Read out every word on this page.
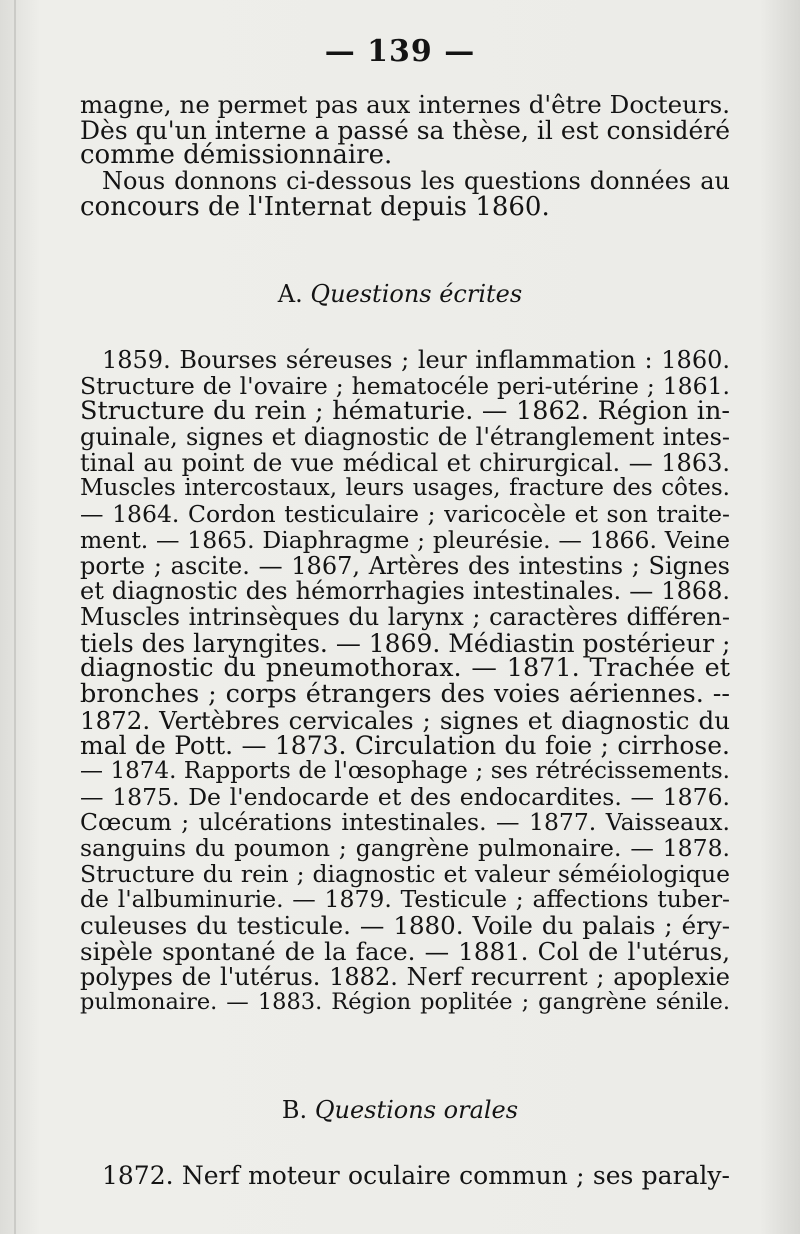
— 139 —
magne, ne permet pas aux internes d'être Docteurs.
Dès qu'un interne a passé sa thèse, il est considéré
comme démissionnaire.
Nous donnons ci-dessous les questions données au
concours de l'Internat depuis 1860.
A. Questions écrites
1859. Bourses séreuses ; leur inflammation : 1860.
Structure de l'ovaire ; hematocéle peri-utérine ; 1861.
Structure du rein ; hématurie. — 1862. Région in-
guinale, signes et diagnostic de l'étranglement intes-
tinal au point de vue médical et chirurgical. — 1863.
Muscles intercostaux, leurs usages, fracture des côtes.
— 1864. Cordon testiculaire ; varicocèle et son traite-
ment. — 1865. Diaphragme ; pleurésie. — 1866. Veine
porte ; ascite. — 1867, Artères des intestins ; Signes
et diagnostic des hémorrhagies intestinales. — 1868.
Muscles intrinsèques du larynx ; caractères différen-
tiels des laryngites. — 1869. Médiastin postérieur ;
diagnostic du pneumothorax. — 1871. Trachée et
bronches ; corps étrangers des voies aériennes. --
1872. Vertèbres cervicales ; signes et diagnostic du
mal de Pott. — 1873. Circulation du foie ; cirrhose.
— 1874. Rapports de l'œsophage ; ses rétrécissements.
— 1875. De l'endocarde et des endocardites. — 1876.
Cœcum ; ulcérations intestinales. — 1877. Vaisseaux.
sanguins du poumon ; gangrène pulmonaire. — 1878.
Structure du rein ; diagnostic et valeur séméiologique
de l'albuminurie. — 1879. Testicule ; affections tuber-
culeuses du testicule. — 1880. Voile du palais ; éry-
sipèle spontané de la face. — 1881. Col de l'utérus,
polypes de l'utérus. 1882. Nerf recurrent ; apoplexie
pulmonaire. — 1883. Région poplitée ; gangrène sénile.
B. Questions orales
1872. Nerf moteur oculaire commun ; ses paraly-
